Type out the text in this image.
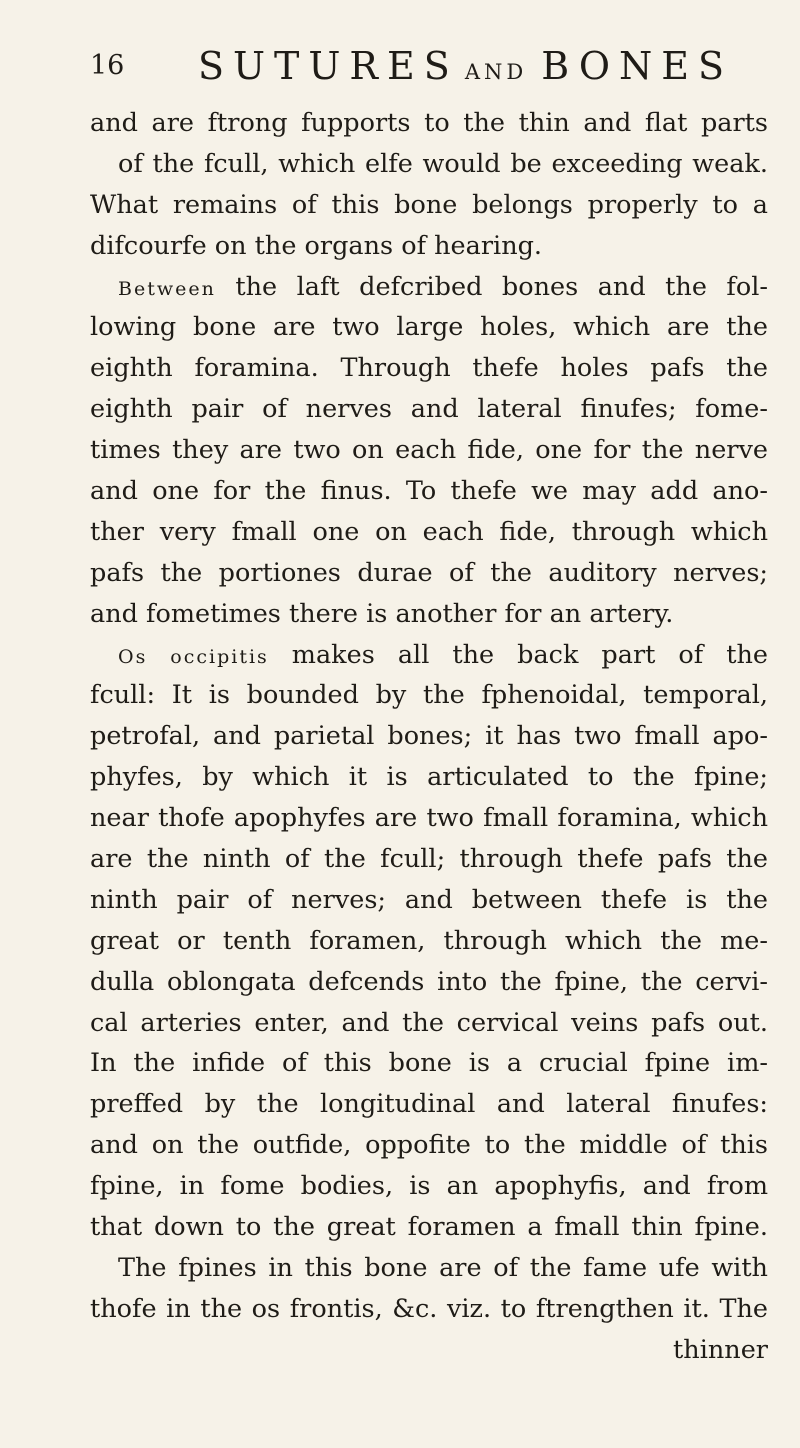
16 SUTURES AND BONES
and are ftrong fupports to the thin and flat parts
of the fcull, which elfe would be exceeding weak.
What remains of this bone belongs properly to a
difcourfe on the organs of hearing.
Between the laft defcribed bones and the fol-
lowing bone are two large holes, which are the
eighth foramina. Through thefe holes pafs the
eighth pair of nerves and lateral finufes; fome-
times they are two on each fide, one for the nerve
and one for the finus. To thefe we may add ano-
ther very fmall one on each fide, through which
pafs the portiones durae of the auditory nerves;
and fometimes there is another for an artery.
Os occipitis makes all the back part of the
fcull: It is bounded by the fphenoidal, temporal,
petrofal, and parietal bones; it has two fmall apo-
phyfes, by which it is articulated to the fpine;
near thofe apophyfes are two fmall foramina, which
are the ninth of the fcull; through thefe pafs the
ninth pair of nerves; and between thefe is the
great or tenth foramen, through which the me-
dulla oblongata defcends into the fpine, the cervi-
cal arteries enter, and the cervical veins pafs out.
In the infide of this bone is a crucial fpine im-
preffed by the longitudinal and lateral finufes:
and on the outfide, oppofite to the middle of this
fpine, in fome bodies, is an apophyfis, and from
that down to the great foramen a fmall thin fpine.
The fpines in this bone are of the fame ufe with
thofe in the os frontis, &c. viz. to ftrengthen it. The
thinner
